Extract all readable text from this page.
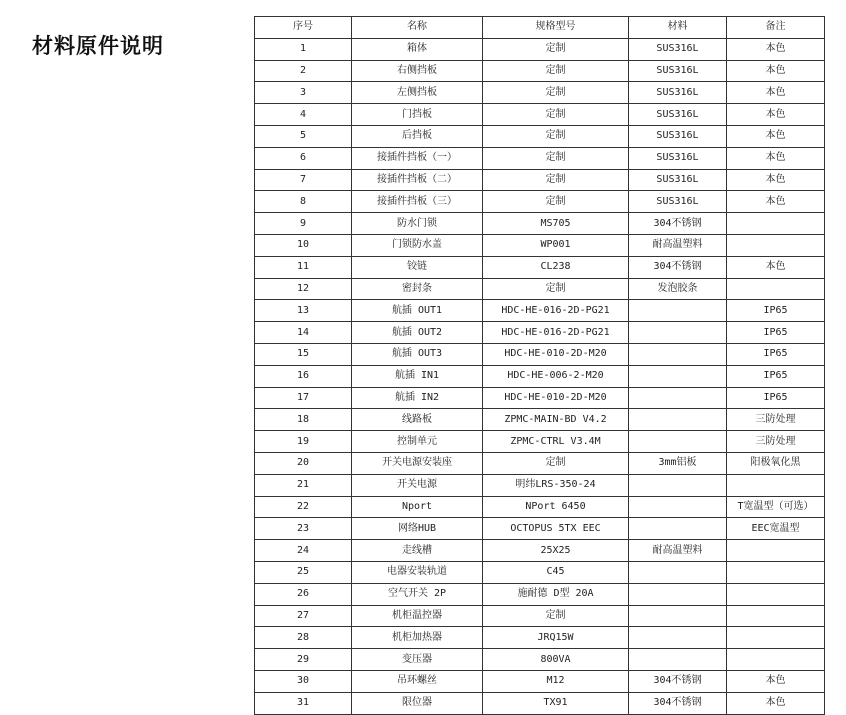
材料原件说明
序号	名称	规格型号	材料	备注
1	箱体	定制	SUS316L	本色
2	右侧挡板	定制	SUS316L	本色
3	左侧挡板	定制	SUS316L	本色
4	门挡板	定制	SUS316L	本色
5	后挡板	定制	SUS316L	本色
6	接插件挡板（一）	定制	SUS316L	本色
7	接插件挡板（二）	定制	SUS316L	本色
8	接插件挡板（三）	定制	SUS316L	本色
9	防水门锁	MS705	304不锈钢	
10	门锁防水盖	WP001	耐高温塑料	
11	铰链	CL238	304不锈钢	本色
12	密封条	定制	发泡胶条	
13	航插 OUT1	HDC-HE-016-2D-PG21		IP65
14	航插 OUT2	HDC-HE-016-2D-PG21		IP65
15	航插 OUT3	HDC-HE-010-2D-M20		IP65
16	航插 IN1	HDC-HE-006-2-M20		IP65
17	航插 IN2	HDC-HE-010-2D-M20		IP65
18	线路板	ZPMC-MAIN-BD V4.2		三防处理
19	控制单元	ZPMC-CTRL V3.4M		三防处理
20	开关电源安装座	定制	3mm铝板	阳极氧化黑
21	开关电源	明纬LRS-350-24		
22	Nport	NPort 6450		T宽温型（可选）
23	网络HUB	OCTOPUS 5TX EEC		EEC宽温型
24	走线槽	25X25	耐高温塑料	
25	电器安装轨道	C45		
26	空气开关 2P	施耐德 D型 20A		
27	机柜温控器	定制		
28	机柜加热器	JRQ15W		
29	变压器	800VA		
30	吊环螺丝	M12	304不锈钢	本色
31	限位器	TX91	304不锈钢	本色
